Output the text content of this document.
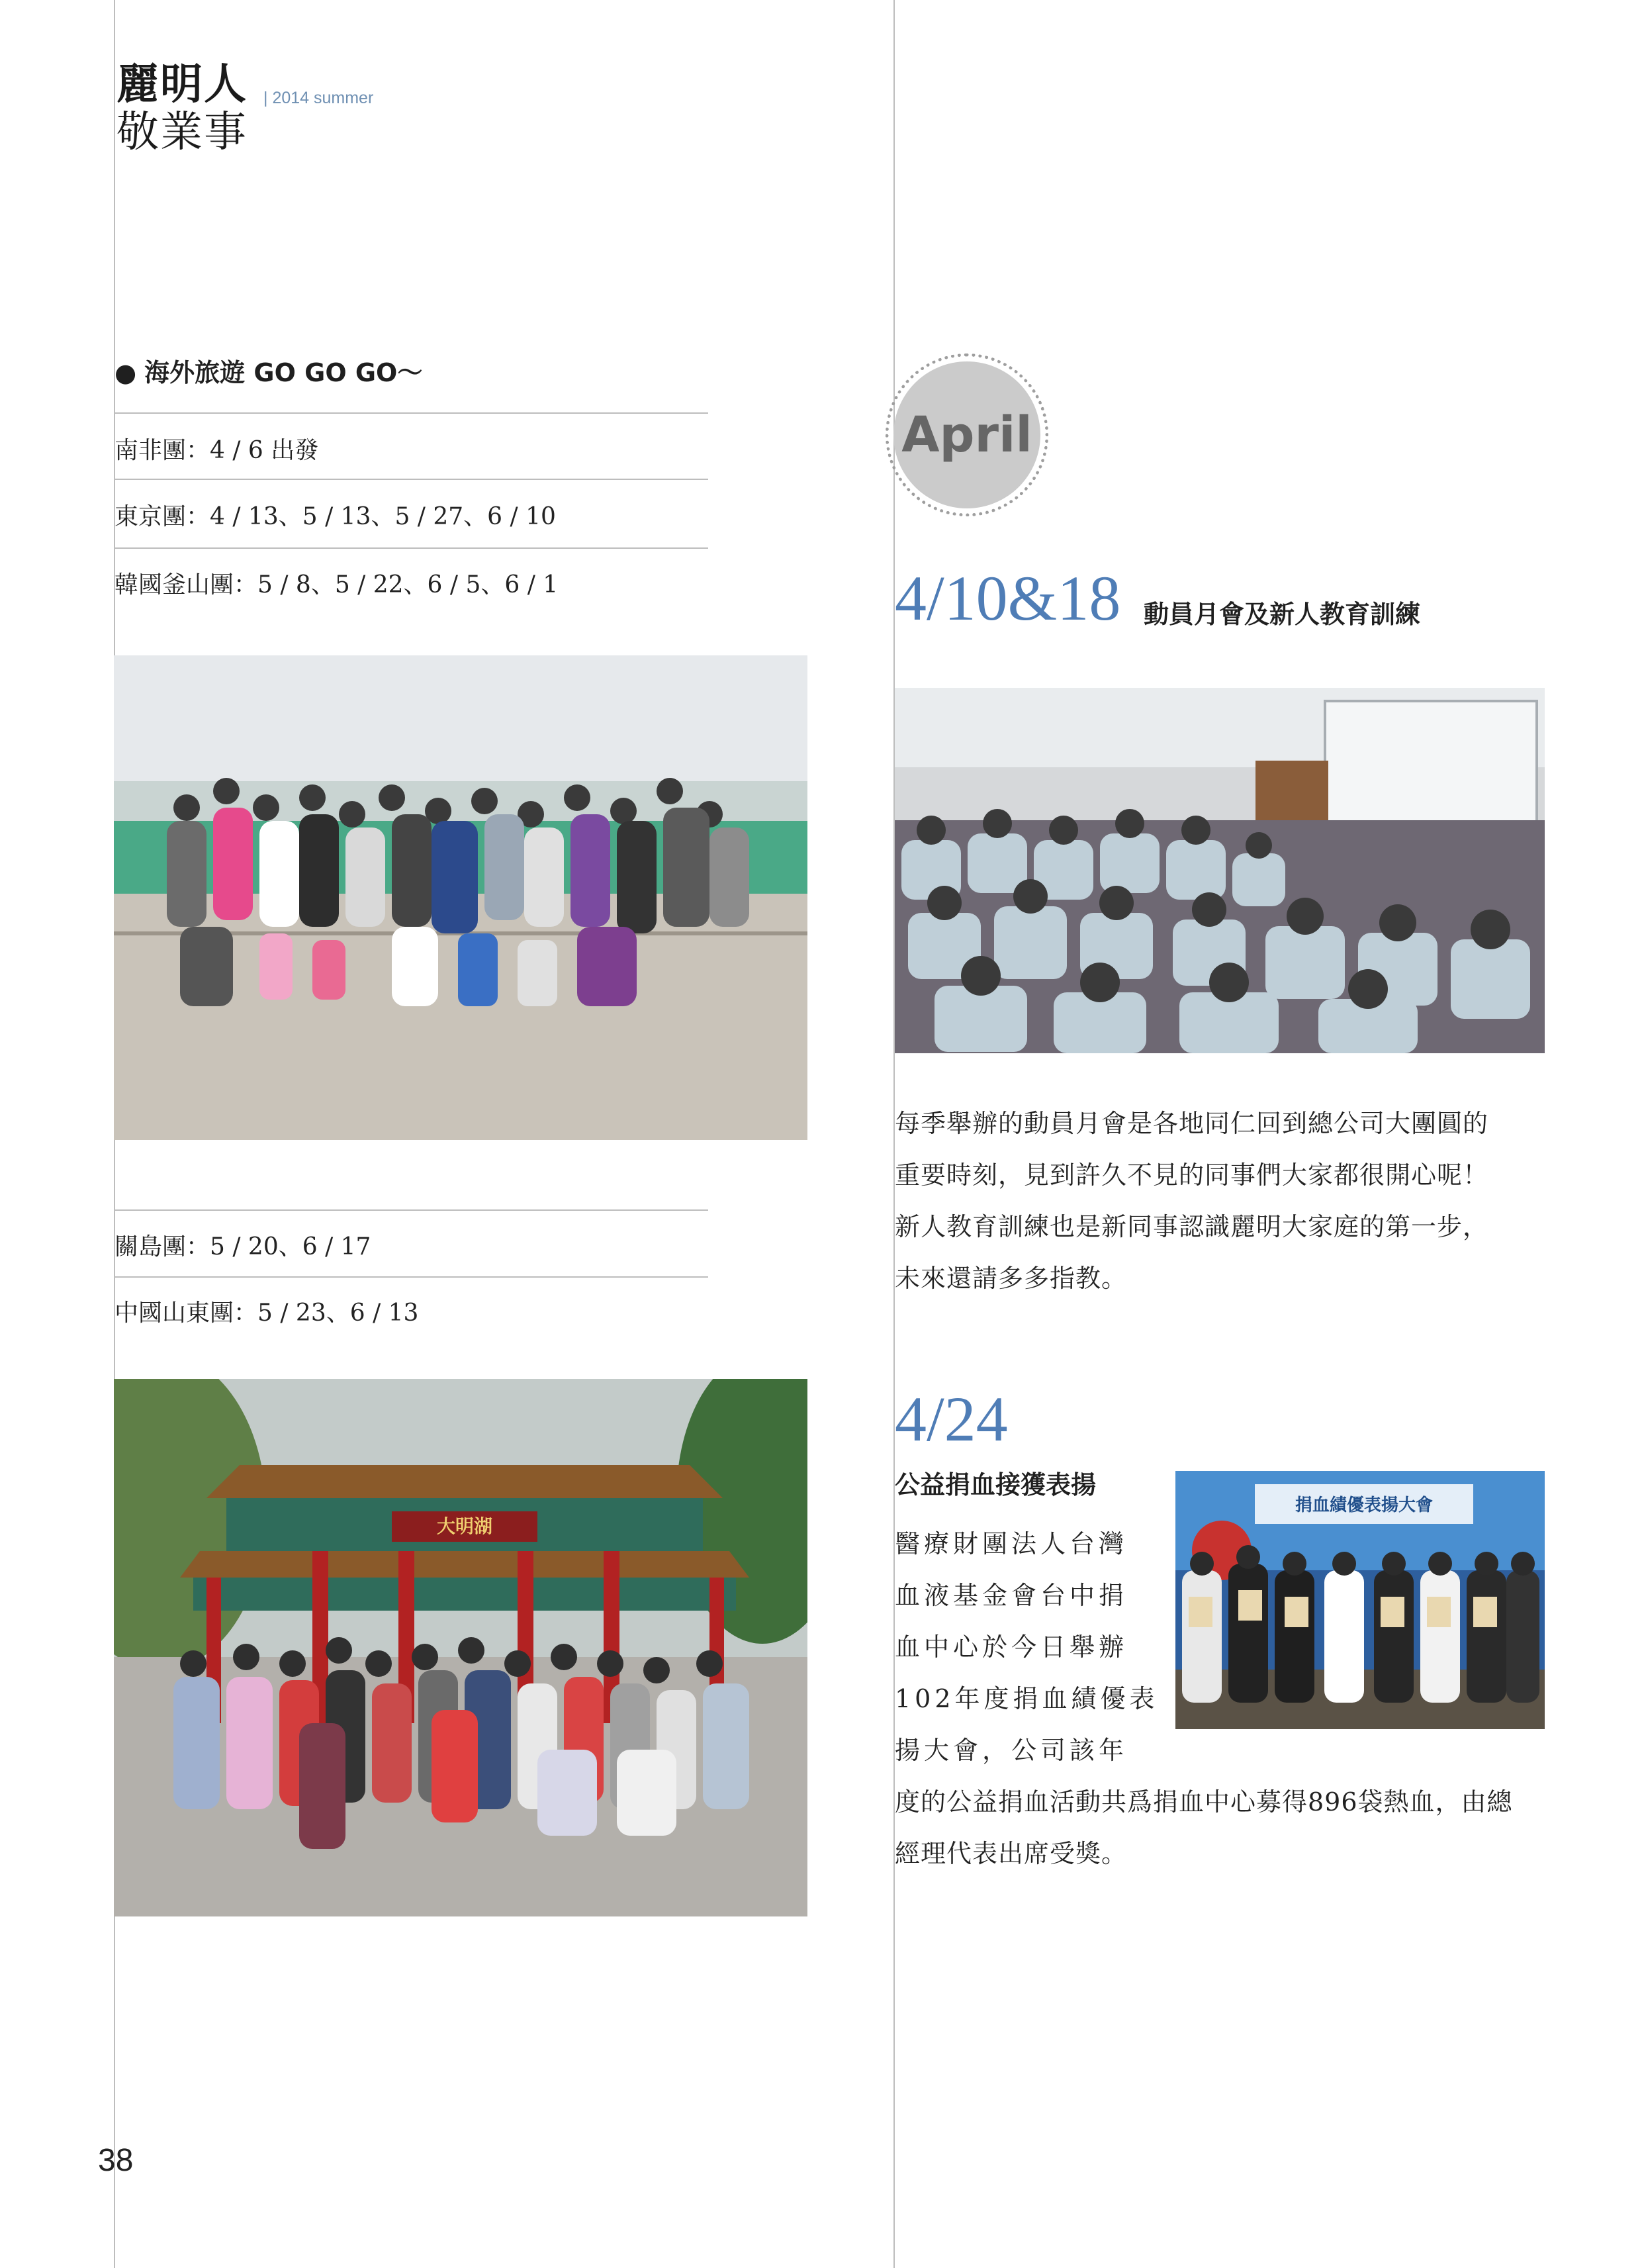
麗明人
敬業事
| 2014 summer
● 海外旅遊 GO GO GO～
南非團：4 / 6 出發
東京團：4 / 13、5 / 13、5 / 27、6 / 10
韓國釜山團：5 / 8、5 / 22、6 / 5、6 / 1
關島團：5 / 20、6 / 17
中國山東團：5 / 23、6 / 13
大明湖
April
4/10&18 動員月會及新人教育訓練
每季舉辦的動員月會是各地同仁回到總公司大團圓的
重要時刻，見到許久不見的同事們大家都很開心呢！
新人教育訓練也是新同事認識麗明大家庭的第一步，
未來還請多多指教。
4/24
公益捐血接獲表揚
捐血績優表揚大會
醫療財團法人台灣
血液基金會台中捐
血中心於今日舉辦
102年度捐血績優表
揚大會，公司該年
度的公益捐血活動共爲捐血中心募得896袋熱血，由總
經理代表出席受獎。
38
